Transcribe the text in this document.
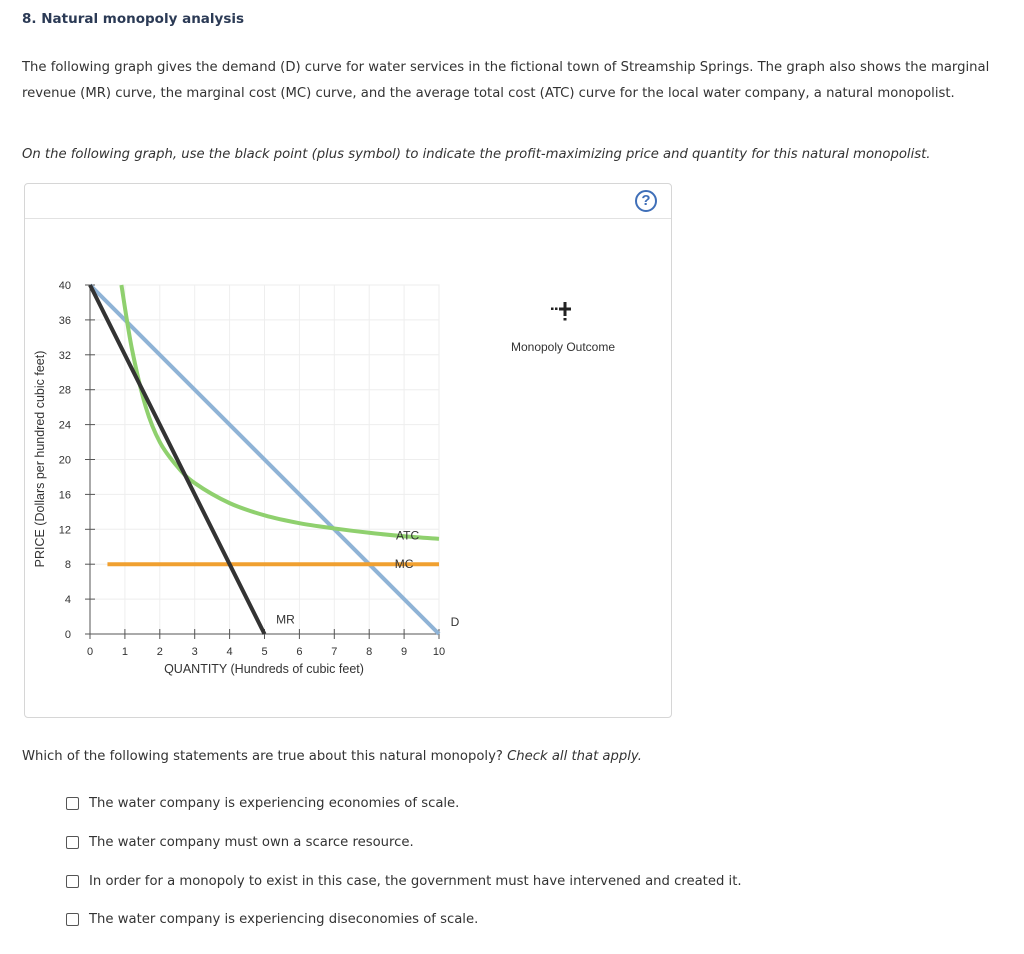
8. Natural monopoly analysis

The following graph gives the demand (D) curve for water services in the fictional town of Streamship Springs. The graph also shows the marginal revenue (MR) curve, the marginal cost (MC) curve, and the average total cost (ATC) curve for the local water company, a natural monopolist.

On the following graph, use the black point (plus symbol) to indicate the profit-maximizing price and quantity for this natural monopolist.

?
0	1	2	3	4	5	6	7	8	9 10
0
4
8
12
16
20
24
28
32
36
40
D
MR
MC
ATC
QUANTITY (Hundreds of cubic feet)
PRICE (Dollars per hundred cubic feet)
Monopoly Outcome

Which of the following statements are true about this natural monopoly? Check all that apply.

The water company is experiencing economies of scale.
The water company must own a scarce resource.
In order for a monopoly to exist in this case, the government must have intervened and created it.
The water company is experiencing diseconomies of scale.
